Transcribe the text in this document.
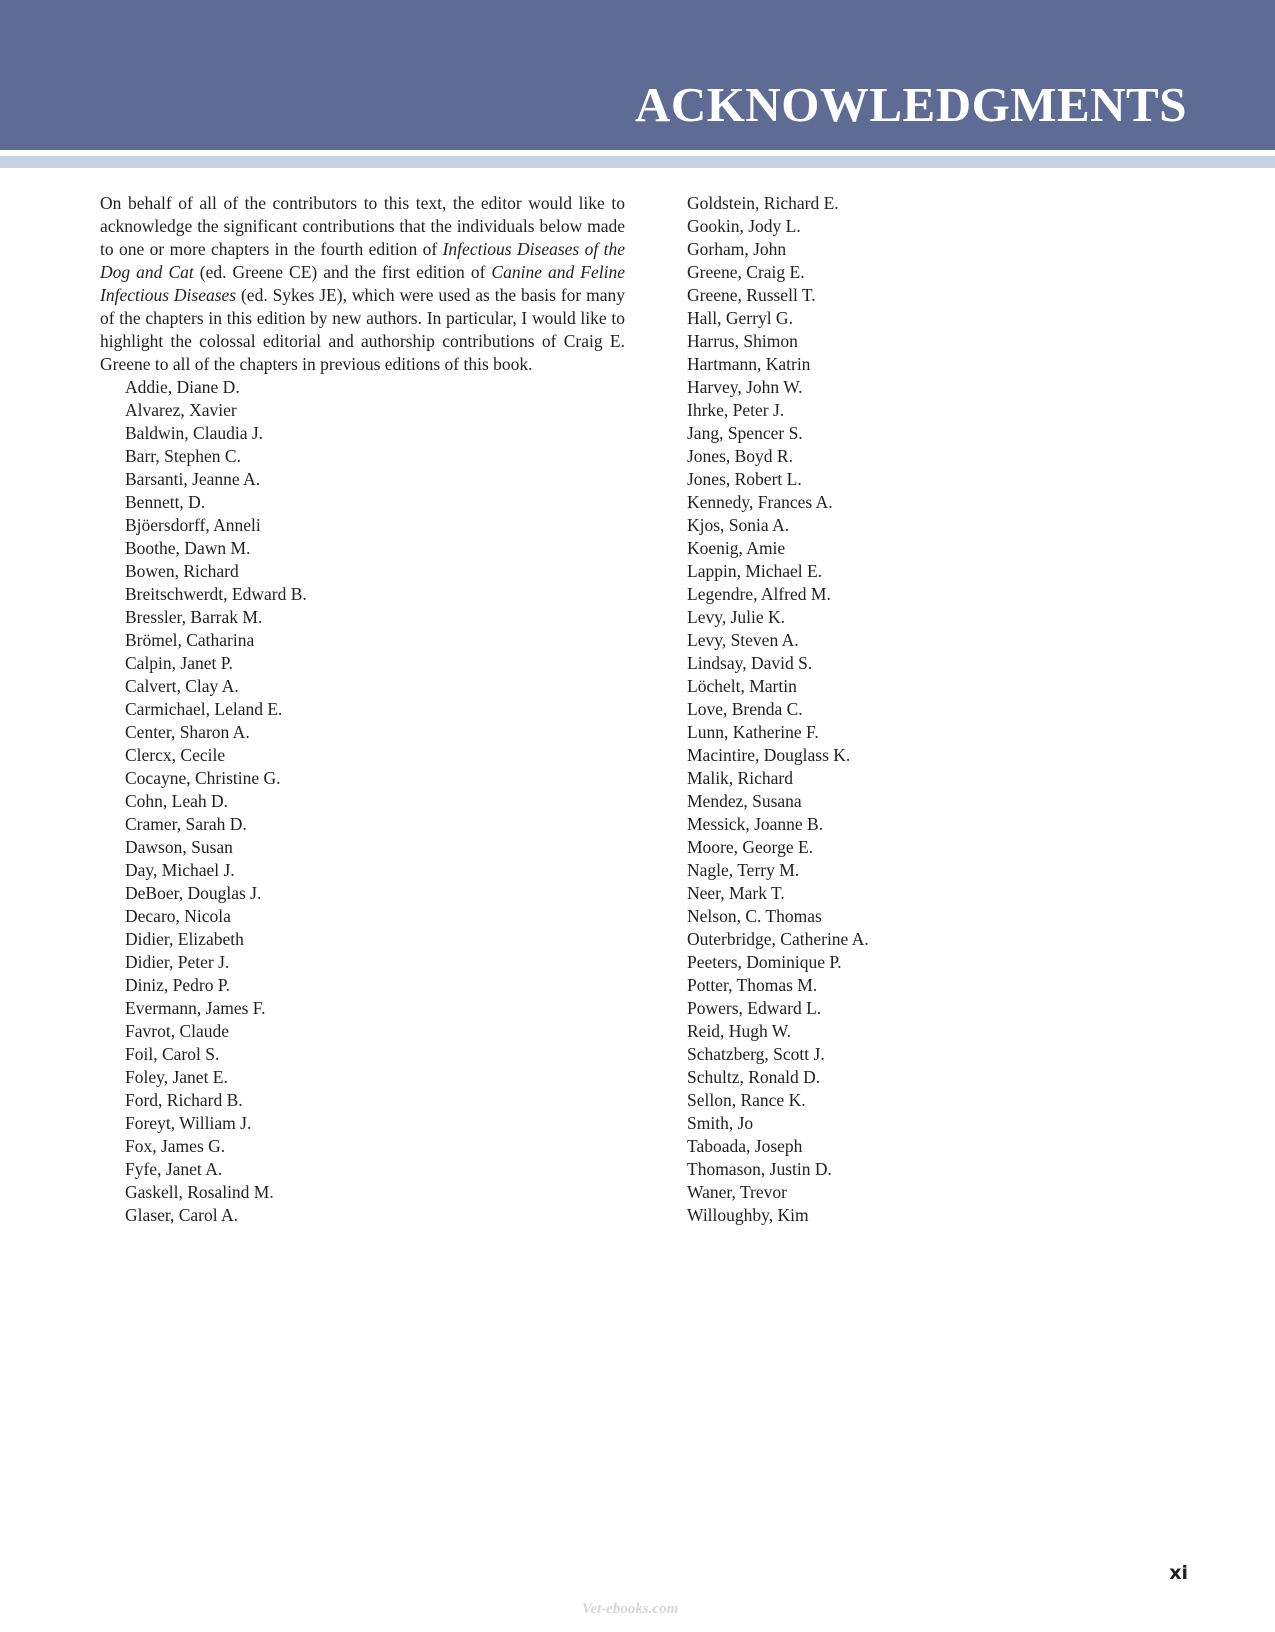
ACKNOWLEDGMENTS

On behalf of all of the contributors to this text, the editor would like to acknowledge the significant contributions that the individuals below made to one or more chapters in the fourth edition of Infectious Diseases of the Dog and Cat (ed. Greene CE) and the first edition of Canine and Feline Infectious Diseases (ed. Sykes JE), which were used as the basis for many of the chapters in this edition by new authors. In particular, I would like to highlight the colossal editorial and authorship contributions of Craig E. Greene to all of the chapters in previous editions of this book.

Addie, Diane D.
Alvarez, Xavier
Baldwin, Claudia J.
Barr, Stephen C.
Barsanti, Jeanne A.
Bennett, D.
Bjöersdorff, Anneli
Boothe, Dawn M.
Bowen, Richard
Breitschwerdt, Edward B.
Bressler, Barrak M.
Brömel, Catharina
Calpin, Janet P.
Calvert, Clay A.
Carmichael, Leland E.
Center, Sharon A.
Clercx, Cecile
Cocayne, Christine G.
Cohn, Leah D.
Cramer, Sarah D.
Dawson, Susan
Day, Michael J.
DeBoer, Douglas J.
Decaro, Nicola
Didier, Elizabeth
Didier, Peter J.
Diniz, Pedro P.
Evermann, James F.
Favrot, Claude
Foil, Carol S.
Foley, Janet E.
Ford, Richard B.
Foreyt, William J.
Fox, James G.
Fyfe, Janet A.
Gaskell, Rosalind M.
Glaser, Carol A.
Goldstein, Richard E.
Gookin, Jody L.
Gorham, John
Greene, Craig E.
Greene, Russell T.
Hall, Gerryl G.
Harrus, Shimon
Hartmann, Katrin
Harvey, John W.
Ihrke, Peter J.
Jang, Spencer S.
Jones, Boyd R.
Jones, Robert L.
Kennedy, Frances A.
Kjos, Sonia A.
Koenig, Amie
Lappin, Michael E.
Legendre, Alfred M.
Levy, Julie K.
Levy, Steven A.
Lindsay, David S.
Löchelt, Martin
Love, Brenda C.
Lunn, Katherine F.
Macintire, Douglass K.
Malik, Richard
Mendez, Susana
Messick, Joanne B.
Moore, George E.
Nagle, Terry M.
Neer, Mark T.
Nelson, C. Thomas
Outerbridge, Catherine A.
Peeters, Dominique P.
Potter, Thomas M.
Powers, Edward L.
Reid, Hugh W.
Schatzberg, Scott J.
Schultz, Ronald D.
Sellon, Rance K.
Smith, Jo
Taboada, Joseph
Thomason, Justin D.
Waner, Trevor
Willoughby, Kim
xi
Vet-ebooks.com
